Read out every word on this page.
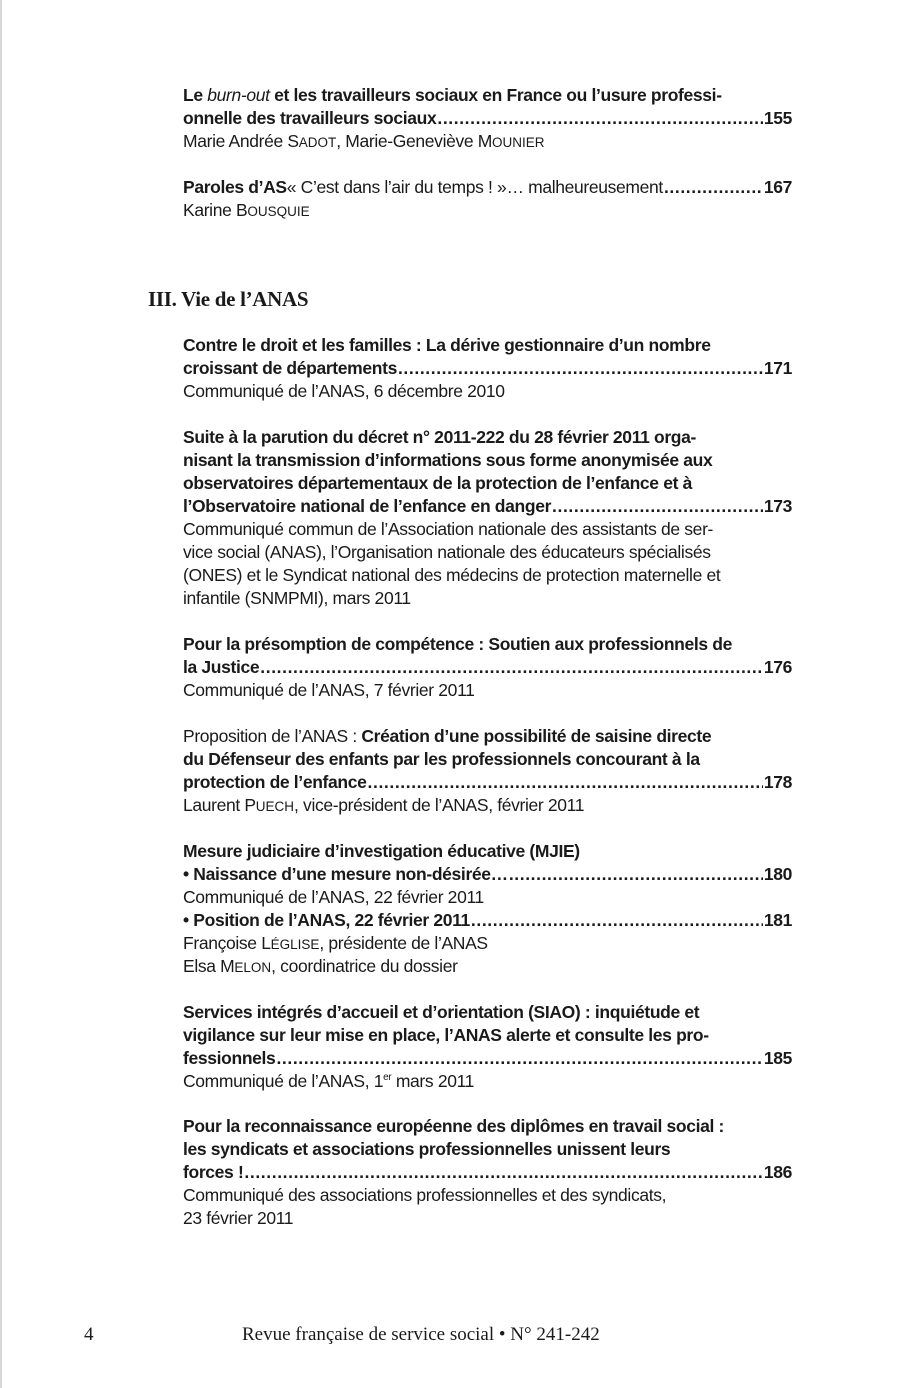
Le burn-out et les travailleurs sociaux en France ou l’usure professi-
onnelle des travailleurs sociaux .....	155
Marie Andrée SADOT, Marie-Geneviève MOUNIER
Paroles d’AS« C’est dans l’air du temps ! »… malheureusement .....	167
Karine BOUSQUIE
III. Vie de l’ANAS
Contre le droit et les familles : La dérive gestionnaire d’un nombre
croissant de départements .....	171
Communiqué de l’ANAS, 6 décembre 2010
Suite à la parution du décret n° 2011-222 du 28 février 2011 orga-
nisant la transmission d’informations sous forme anonymisée aux
observatoires départementaux de la protection de l’enfance et à
l’Observatoire national de l’enfance en danger .....	173
Communiqué commun de l’Association nationale des assistants de ser-
vice social (ANAS), l’Organisation nationale des éducateurs spécialisés
(ONES) et le Syndicat national des médecins de protection maternelle et
infantile (SNMPMI), mars 2011
Pour la présomption de compétence : Soutien aux professionnels de
la Justice .....	176
Communiqué de l’ANAS, 7 février 2011
Proposition de l’ANAS : Création d’une possibilité de saisine directe
du Défenseur des enfants par les professionnels concourant à la
protection de l’enfance .....	178
Laurent PUECH, vice-président de l’ANAS, février 2011
Mesure judiciaire d’investigation éducative (MJIE)
• Naissance d’une mesure non-désirée… .....	180
Communiqué de l’ANAS, 22 février 2011
• Position de l’ANAS, 22 février 2011 .....	181
Françoise LÉGLISE, présidente de l’ANAS
Elsa MELON, coordinatrice du dossier
Services intégrés d’accueil et d’orientation (SIAO) : inquiétude et
vigilance sur leur mise en place, l’ANAS alerte et consulte les pro-
fessionnels .....	185
Communiqué de l’ANAS, 1er mars 2011
Pour la reconnaissance européenne des diplômes en travail social :
les syndicats et associations professionnelles unissent leurs
forces ! .....	186
Communiqué des associations professionnelles et des syndicats,
23 février 2011
4	Revue française de service social • N° 241-242
